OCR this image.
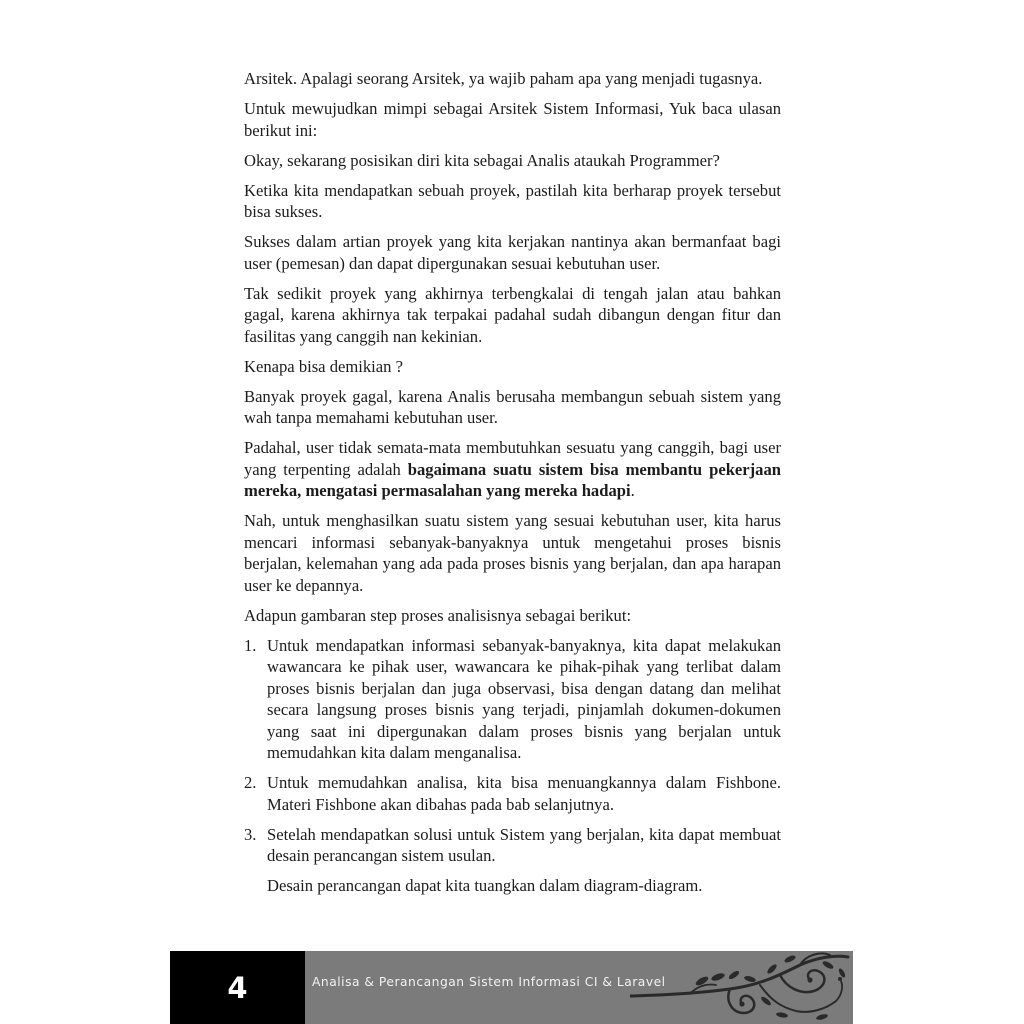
Arsitek. Apalagi seorang Arsitek, ya wajib paham apa yang menjadi tugasnya.

Untuk mewujudkan mimpi sebagai Arsitek Sistem Informasi, Yuk baca ulasan berikut ini:

Okay, sekarang posisikan diri kita sebagai Analis ataukah Programmer?

Ketika kita mendapatkan sebuah proyek, pastilah kita berharap proyek tersebut bisa sukses.

Sukses dalam artian proyek yang kita kerjakan nantinya akan bermanfaat bagi user (pemesan) dan dapat dipergunakan sesuai kebutuhan user.

Tak sedikit proyek yang akhirnya terbengkalai di tengah jalan atau bahkan gagal, karena akhirnya tak terpakai padahal sudah dibangun dengan fitur dan fasilitas yang canggih nan kekinian.

Kenapa bisa demikian ?

Banyak proyek gagal, karena Analis berusaha membangun sebuah sistem yang wah tanpa memahami kebutuhan user.

Padahal, user tidak semata-mata membutuhkan sesuatu yang canggih, bagi user yang terpenting adalah bagaimana suatu sistem bisa membantu pekerjaan mereka, mengatasi permasalahan yang mereka hadapi.

Nah, untuk menghasilkan suatu sistem yang sesuai kebutuhan user, kita harus mencari informasi sebanyak-banyaknya untuk mengetahui proses bisnis berjalan, kelemahan yang ada pada proses bisnis yang berjalan, dan apa harapan user ke depannya.

Adapun gambaran step proses analisisnya sebagai berikut:

1. Untuk mendapatkan informasi sebanyak-banyaknya, kita dapat melakukan wawancara ke pihak user, wawancara ke pihak-pihak yang terlibat dalam proses bisnis berjalan dan juga observasi, bisa dengan datang dan melihat secara langsung proses bisnis yang terjadi, pinjamlah dokumen-dokumen yang saat ini dipergunakan dalam proses bisnis yang berjalan untuk memudahkan kita dalam menganalisa.
2. Untuk memudahkan analisa, kita bisa menuangkannya dalam Fishbone. Materi Fishbone akan dibahas pada bab selanjutnya.
3. Setelah mendapatkan solusi untuk Sistem yang berjalan, kita dapat membuat desain perancangan sistem usulan.

Desain perancangan dapat kita tuangkan dalam diagram-diagram.

4	Analisa & Perancangan Sistem Informasi CI & Laravel
